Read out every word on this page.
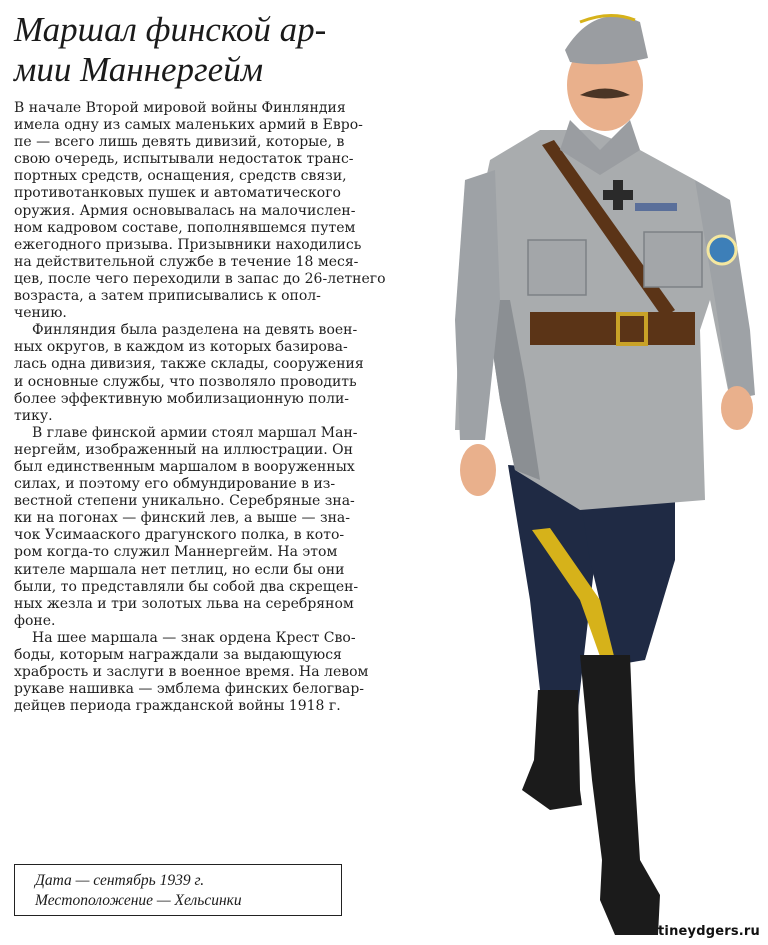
Маршал финской ар-
мии Маннергейм

В начале Второй мировой войны Финляндия
имела одну из самых маленьких армий в Евро-
пе — всего лишь девять дивизий, которые, в
свою очередь, испытывали недостаток транс-
портных средств, оснащения, средств связи,
противотанковых пушек и автоматического
оружия. Армия основывалась на малочислен-
ном кадровом составе, пополнявшемся путем
ежегодного призыва. Призывники находились
на действительной службе в течение 18 меся-
цев, после чего переходили в запас до 26-летнего
возраста, а затем приписывались к опол-
чению.

Финляндия была разделена на девять воен-
ных округов, в каждом из которых базирова-
лась одна дивизия, также склады, сооружения
и основные службы, что позволяло проводить
более эффективную мобилизационную поли-
тику.

В главе финской армии стоял маршал Ман-
нергейм, изображенный на иллюстрации. Он
был единственным маршалом в вооруженных
силах, и поэтому его обмундирование в из-
вестной степени уникально. Серебряные зна-
ки на погонах — финский лев, а выше — зна-
чок Усимаaского драгунского полка, в кото-
ром когда-то служил Маннергейм. На этом
кителе маршала нет петлиц, но если бы они
были, то представляли бы собой два скрещен-
ных жезла и три золотых льва на серебряном
фоне.

На шее маршала — знак ордена Крест Сво-
боды, которым награждали за выдающуюся
храбрость и заслуги в военное время. На левом
рукаве нашивка — эмблема финских белогвар-
дейцев периода гражданской войны 1918 г.

Дата — сентябрь 1939 г.
Местоположение — Хельсинки
tineydgers.ru
